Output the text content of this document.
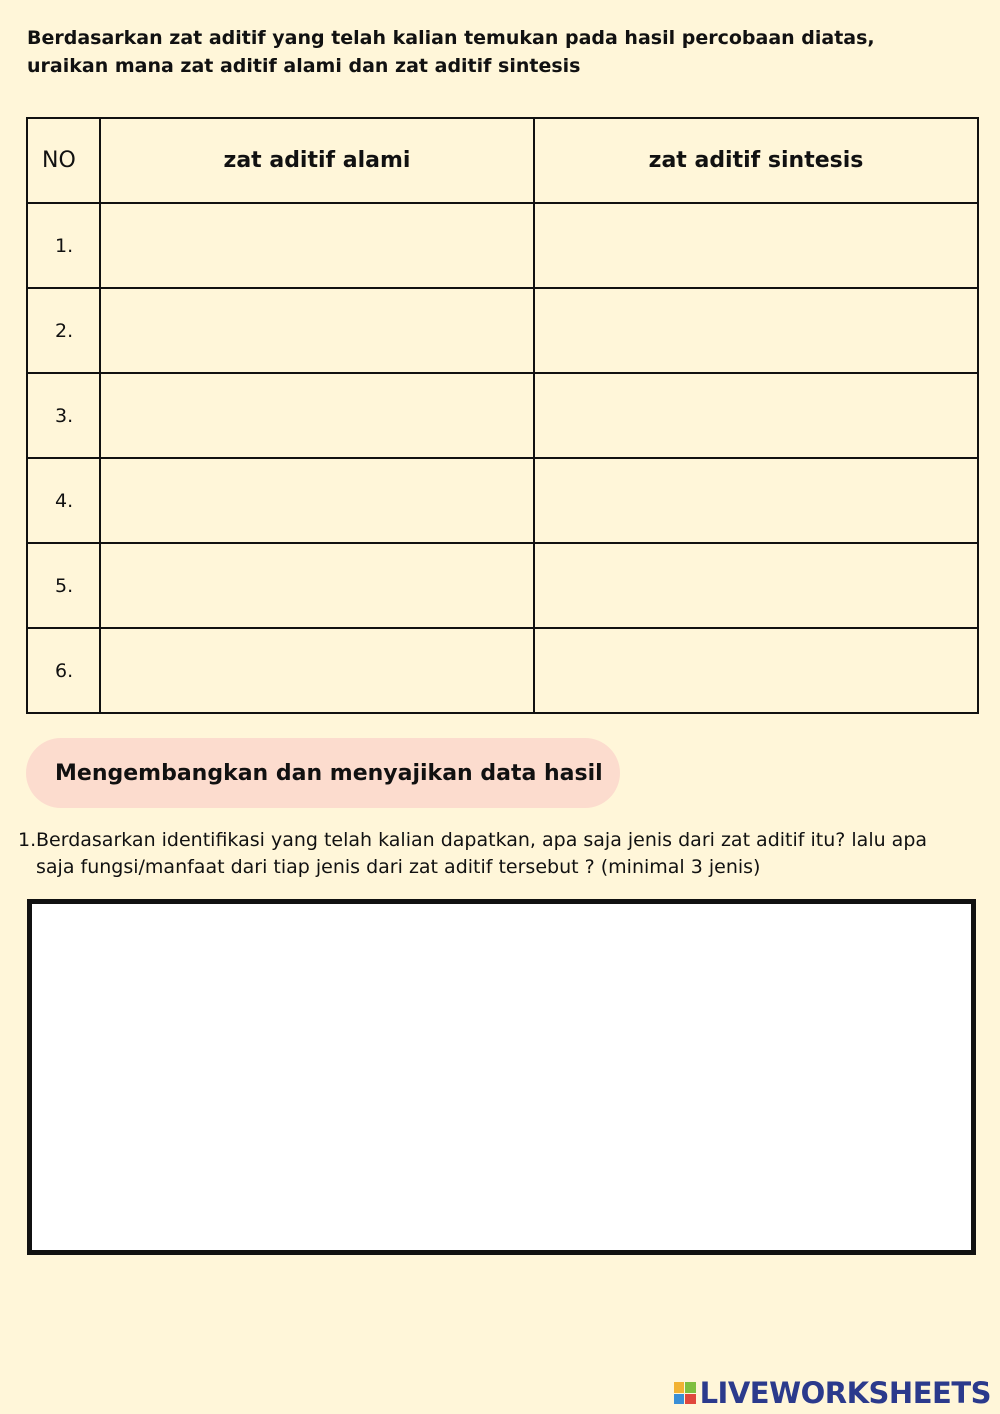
Berdasarkan zat aditif yang telah kalian temukan pada hasil percobaan diatas,
uraikan mana zat aditif alami dan zat aditif sintesis

NO	zat aditif alami	zat aditif sintesis
1.		
2.		
3.		
4.		
5.		
6.		
Mengembangkan dan menyajikan data hasil
1. Berdasarkan identifikasi yang telah kalian dapatkan, apa saja jenis dari zat aditif itu? lalu apa saja fungsi/manfaat dari tiap jenis dari zat aditif tersebut ? (minimal 3 jenis)
LIVEWORKSHEETS
